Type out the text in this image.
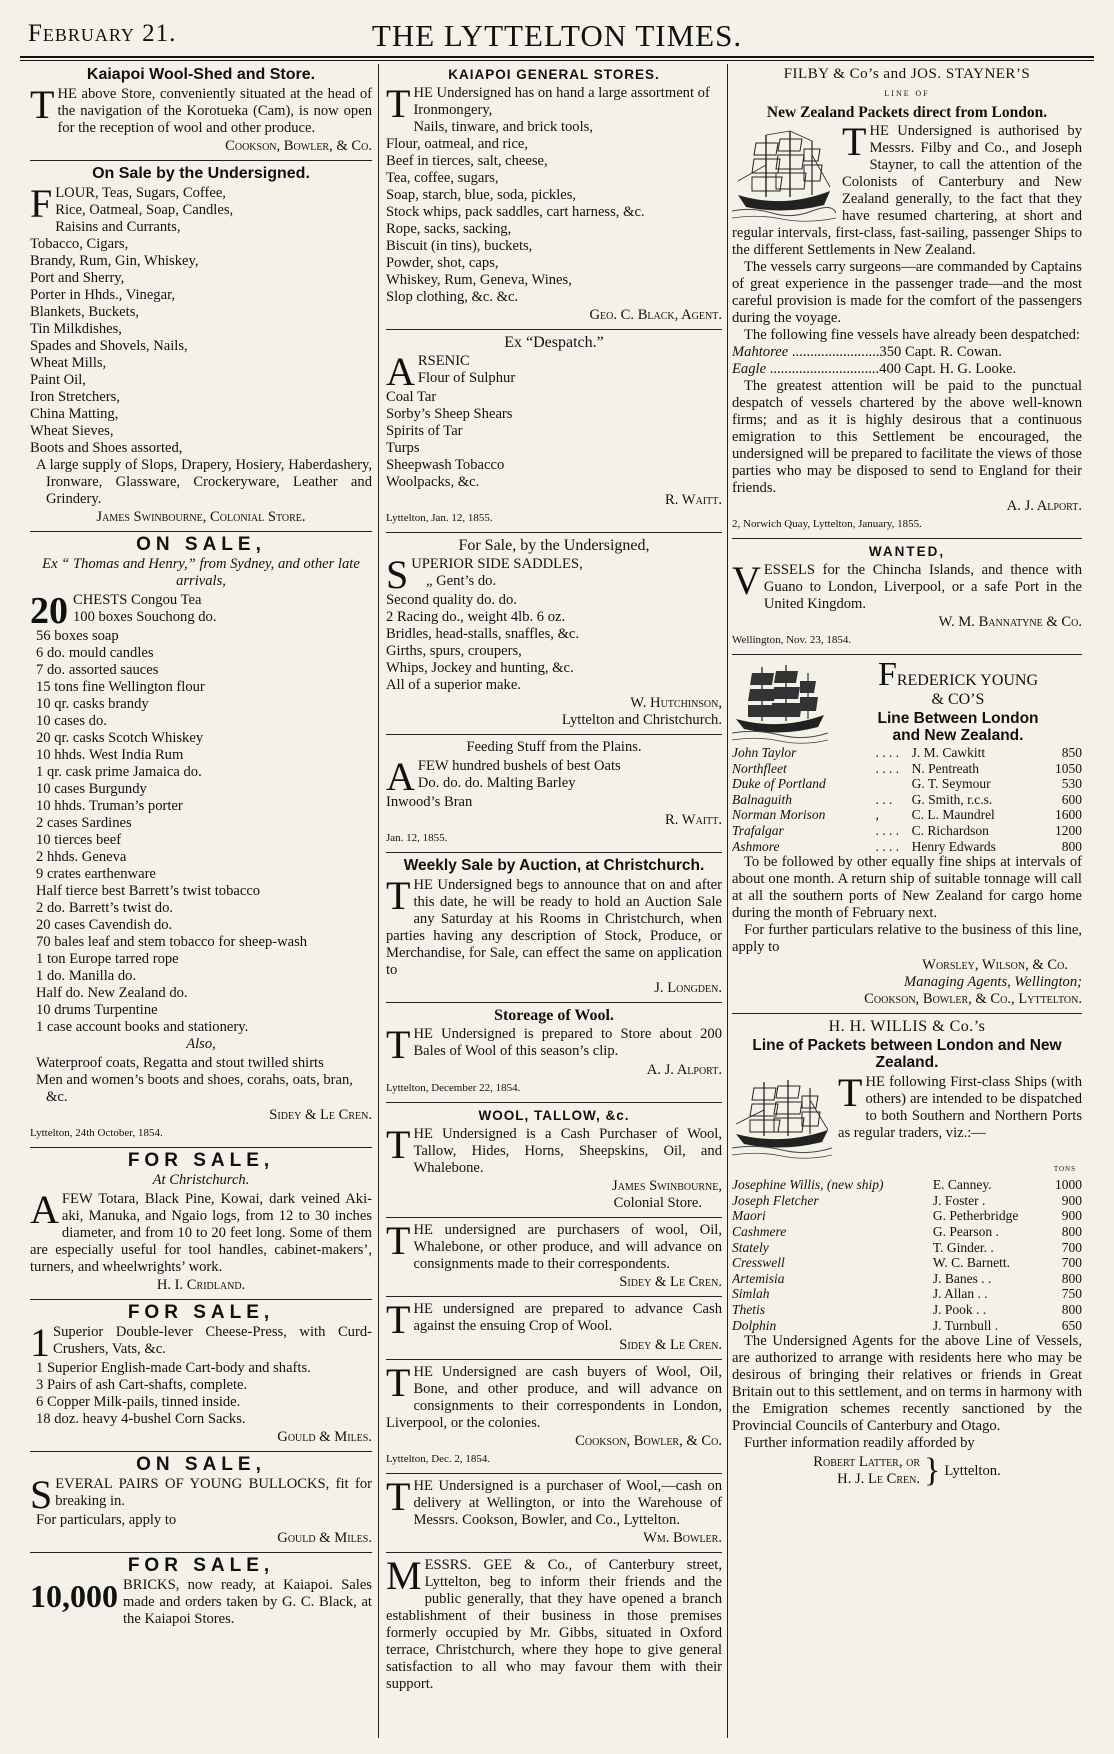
February 21.	THE LYTTELTON TIMES.
Kaiapoi Wool-Shed and Store.

THE above Store, conveniently situated at the head of the navigation of the Korotueka (Cam), is now open for the reception of wool and other produce.

Cookson, Bowler, & Co.
On Sale by the Undersigned.
F LOUR, Teas, Sugars, Coffee,

Rice, Oatmeal, Soap, Candles,

Raisins and Currants,

Tobacco, Cigars,

Brandy, Rum, Gin, Whiskey,

Port and Sherry,

Porter in Hhds., Vinegar,

Blankets, Buckets,

Tin Milkdishes,

Spades and Shovels, Nails,

Wheat Mills,

Paint Oil,

Iron Stretchers,

China Matting,

Wheat Sieves,

Boots and Shoes assorted,

A large supply of Slops, Drapery, Hosiery, Haberdashery, Ironware, Glassware, Crockeryware, Leather and Grindery.

James Swinbourne, Colonial Store.
ON SALE,
Ex “ Thomas and Henry,” from Sydney, and other late arrivals,
20 CHESTS Congou Tea

100 boxes Souchong do.

56 boxes soap

6 do. mould candles

7 do. assorted sauces

15 tons fine Wellington flour

10 qr. casks brandy

10 cases do.

20 qr. casks Scotch Whiskey

10 hhds. West India Rum

1 qr. cask prime Jamaica do.

10 cases Burgundy

10 hhds. Truman’s porter

2 cases Sardines

10 tierces beef

2 hhds. Geneva

9 crates earthenware

Half tierce best Barrett’s twist tobacco

2 do. Barrett’s twist do.

20 cases Cavendish do.

70 bales leaf and stem tobacco for sheep-wash

1 ton Europe tarred rope

1 do. Manilla do.

Half do. New Zealand do.

10 drums Turpentine

1 case account books and stationery.

Also,

Waterproof coats, Regatta and stout twilled shirts

Men and women’s boots and shoes, corahs, oats, bran, &c.

Sidey & Le Cren.
Lyttelton, 24th October, 1854.
FOR SALE,
At Christchurch.

AFEW Totara, Black Pine, Kowai, dark veined Aki-aki, Manuka, and Ngaio logs, from 12 to 30 inches diameter, and from 10 to 20 feet long. Some of them are especially useful for tool handles, cabinet-makers’, turners, and wheelwrights’ work.

H. I. Cridland.
FOR SALE,

1 Superior Double-lever Cheese-Press, with Curd-Crushers, Vats, &c.

1 Superior English-made Cart-body and shafts.

3 Pairs of ash Cart-shafts, complete.

6 Copper Milk-pails, tinned inside.

18 doz. heavy 4-bushel Corn Sacks.

Gould & Miles.
ON SALE,

SEVERAL PAIRS OF YOUNG BULLOCKS, fit for breaking in.

For particulars, apply to

Gould & Miles.
FOR SALE,

10,000 BRICKS, now ready, at Kaiapoi. Sales made and orders taken by G. C. Black, at the Kaiapoi Stores.

KAIAPOI GENERAL STORES.

THE Undersigned has on hand a large assortment of

Ironmongery,

Nails, tinware, and brick tools,

Flour, oatmeal, and rice,

Beef in tierces, salt, cheese,

Tea, coffee, sugars,

Soap, starch, blue, soda, pickles,

Stock whips, pack saddles, cart harness, &c.

Rope, sacks, sacking,

Biscuit (in tins), buckets,

Powder, shot, caps,

Whiskey, Rum, Geneva, Wines,

Slop clothing, &c. &c.

Geo. C. Black, Agent.
Ex “Despatch.”
A RSENIC

Flour of Sulphur

Coal Tar

Sorby’s Sheep Shears

Spirits of Tar

Turps

Sheepwash Tobacco

Woolpacks, &c.

R. Waitt.
Lyttelton, Jan. 12, 1855.
For Sale, by the Undersigned,
S UPERIOR SIDE SADDLES,

„ Gent’s do.

Second quality do. do.

2 Racing do., weight 4lb. 6 oz.

Bridles, head-stalls, snaffles, &c.

Girths, spurs, croupers,

Whips, Jockey and hunting, &c.

All of a superior make.

W. Hutchinson,
Lyttelton and Christchurch.
Feeding Stuff from the Plains.
A FEW hundred bushels of best Oats

Do. do. do. Malting Barley

Inwood’s Bran

R. Waitt.
Jan. 12, 1855.
Weekly Sale by Auction, at Christchurch.

THE Undersigned begs to announce that on and after this date, he will be ready to hold an Auction Sale any Saturday at his Rooms in Christchurch, when parties having any description of Stock, Produce, or Merchandise, for Sale, can effect the same on application to

J. Longden.
Storeage of Wool.

THE Undersigned is prepared to Store about 200 Bales of Wool of this season’s clip.

A. J. Alport.
Lyttelton, December 22, 1854.
WOOL, TALLOW, &c.

THE Undersigned is a Cash Purchaser of Wool, Tallow, Hides, Horns, Sheepskins, Oil, and Whalebone.

James Swinbourne,
Colonial Store.

THE undersigned are purchasers of wool, Oil, Whalebone, or other produce, and will advance on consignments made to their correspondents.

Sidey & Le Cren.

THE undersigned are prepared to advance Cash against the ensuing Crop of Wool.

Sidey & Le Cren.

THE Undersigned are cash buyers of Wool, Oil, Bone, and other produce, and will advance on consignments to their correspondents in London, Liverpool, or the colonies.

Cookson, Bowler, & Co.
Lyttelton, Dec. 2, 1854.

THE Undersigned is a purchaser of Wool,—cash on delivery at Wellington, or into the Warehouse of Messrs. Cookson, Bowler, and Co., Lyttelton.

Wm. Bowler.

MESSRS. GEE & Co., of Canterbury street, Lyttelton, beg to inform their friends and the public generally, that they have opened a branch establishment of their business in those premises formerly occupied by Mr. Gibbs, situated in Oxford terrace, Christchurch, where they hope to give general satisfaction to all who may favour them with their support.

FILBY & Co’s and JOS. STAYNER’S
line of
New Zealand Packets direct from London.

THE Undersigned is authorised by Messrs. Filby and Co., and Joseph Stayner, to call the attention of the Colonists of Canterbury and New Zealand generally, to the fact that they have resumed chartering, at short and regular intervals, first-class, fast-sailing, passenger Ships to the different Settlements in New Zealand.

The vessels carry surgeons—are commanded by Captains of great experience in the passenger trade—and the most careful provision is made for the comfort of the passengers during the voyage.

The following fine vessels have already been despatched:

Mahtoree ........................350 Capt. R. Cowan.

Eagle ..............................400 Capt. H. G. Looke.

The greatest attention will be paid to the punctual despatch of vessels chartered by the above well-known firms; and as it is highly desirous that a continuous emigration to this Settlement be encouraged, the undersigned will be prepared to facilitate the views of those parties who may be disposed to send to England for their friends.

A. J. Alport.
2, Norwich Quay, Lyttelton, January, 1855.
WANTED,

VESSELS for the Chincha Islands, and thence with Guano to London, Liverpool, or a safe Port in the United Kingdom.

W. M. Bannatyne & Co.
Wellington, Nov. 23, 1854.
FREDERICK YOUNG
& CO’S
Line Between London
and New Zealand.
John Taylor	. . . .	J. M. Cawkitt	850
Northfleet	. . . .	N. Pentreath	1050
Duke of Portland		G. T. Seymour	530
Balnaguith	. . .	G. Smith, r.c.s.	600
Norman Morison	,	C. L. Maundrel	1600
Trafalgar	. . . .	C. Richardson	1200
Ashmore	. . . .	Henry Edwards	800

To be followed by other equally fine ships at intervals of about one month. A return ship of suitable tonnage will call at all the southern ports of New Zealand for cargo home during the month of February next.

For further particulars relative to the business of this line, apply to

Worsley, Wilson, & Co.
Managing Agents, Wellington;
Cookson, Bowler, & Co., Lyttelton.
H. H. WILLIS & Co.’s
Line of Packets between London and New Zealand.

THE following First-class Ships (with others) are intended to be dispatched to both Southern and Northern Ports as regular traders, viz.:—

tons
Josephine Willis, (new ship)	E. Canney.	1000
Joseph Fletcher	J. Foster .	900
Maori	G. Petherbridge	900
Cashmere	G. Pearson .	800
Stately	T. Ginder. .	700
Cresswell	W. C. Barnett.	700
Artemisia	J. Banes . .	800
Simlah	J. Allan . .	750
Thetis	J. Pook . .	800
Dolphin	J. Turnbull .	650

The Undersigned Agents for the above Line of Vessels, are authorized to arrange with residents here who may be desirous of bringing their relatives or friends in Great Britain out to this settlement, and on terms in harmony with the Emigration schemes recently sanctioned by the Provincial Councils of Canterbury and Otago.

Further information readily afforded by

Robert Latter, or
H. J. Le Cren. } Lyttelton.
